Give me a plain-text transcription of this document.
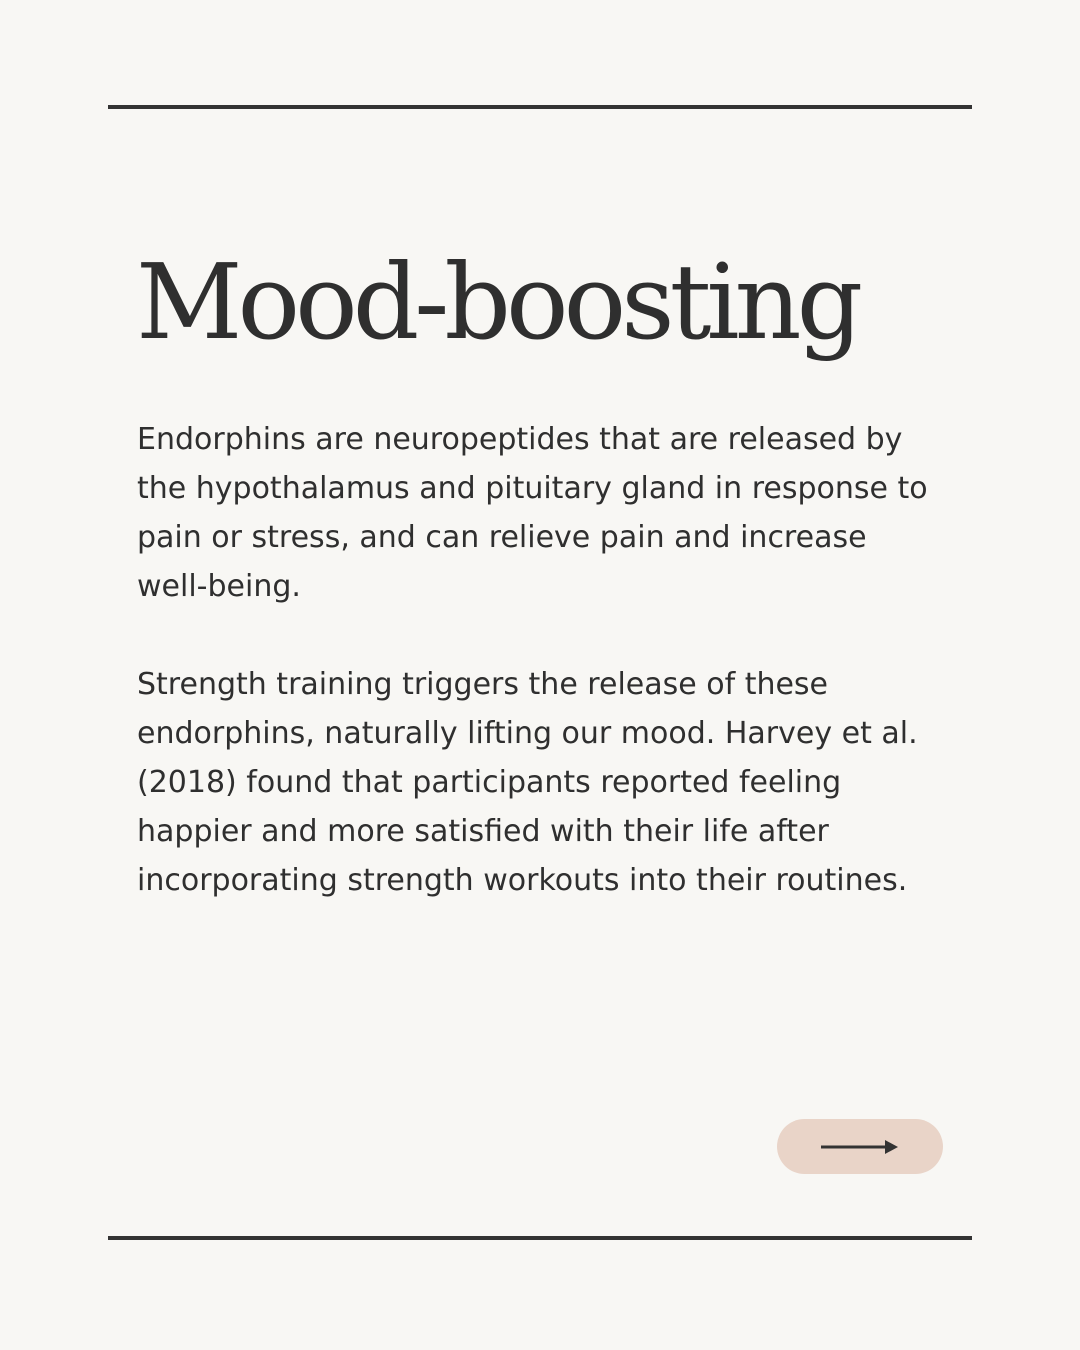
Mood-boosting

Endorphins are neuropeptides that are released by the hypothalamus and pituitary gland in response to pain or stress, and can relieve pain and increase well-being.

Strength training triggers the release of these endorphins, naturally lifting our mood. Harvey et al. (2018) found that participants reported feeling happier and more satisfied with their life after incorporating strength workouts into their routines.
